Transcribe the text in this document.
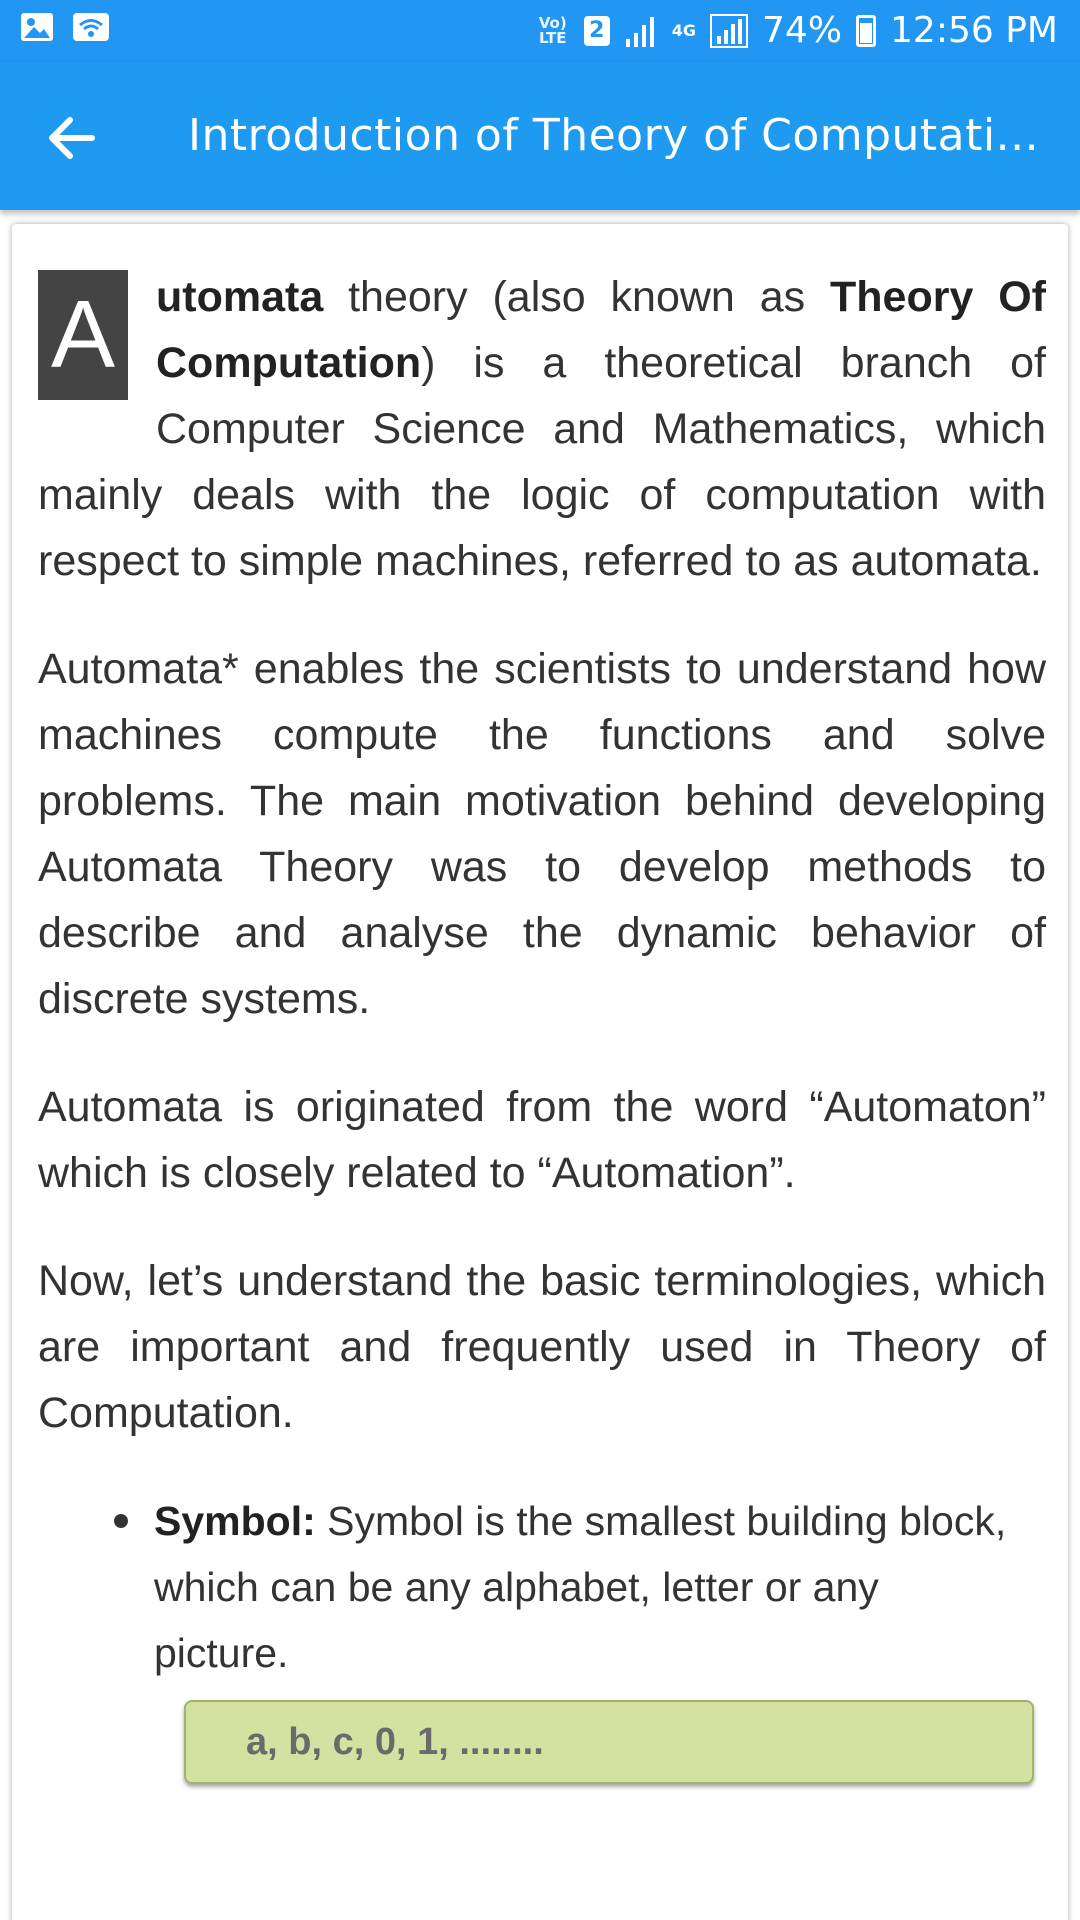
Vo) LTE 2	4G 74% 12:56 PM
Introduction of Theory of Computati...

A utomata theory (also known as Theory Of Computation) is a theoretical branch of Computer Science and Mathematics, which mainly deals with the logic of computation with respect to simple machines, referred to as automata.

Automata* enables the scientists to understand how machines compute the functions and solve problems. The main motivation behind developing Automata Theory was to develop methods to describe and analyse the dynamic behavior of discrete systems.

Automata is originated from the word “Automaton” which is closely related to “Automation”.

Now, let’s understand the basic terminologies, which are important and frequently used in Theory of Computation.

Symbol: Symbol is the smallest building block, which can be any alphabet, letter or any picture.
a, b, c, 0, 1, ........
